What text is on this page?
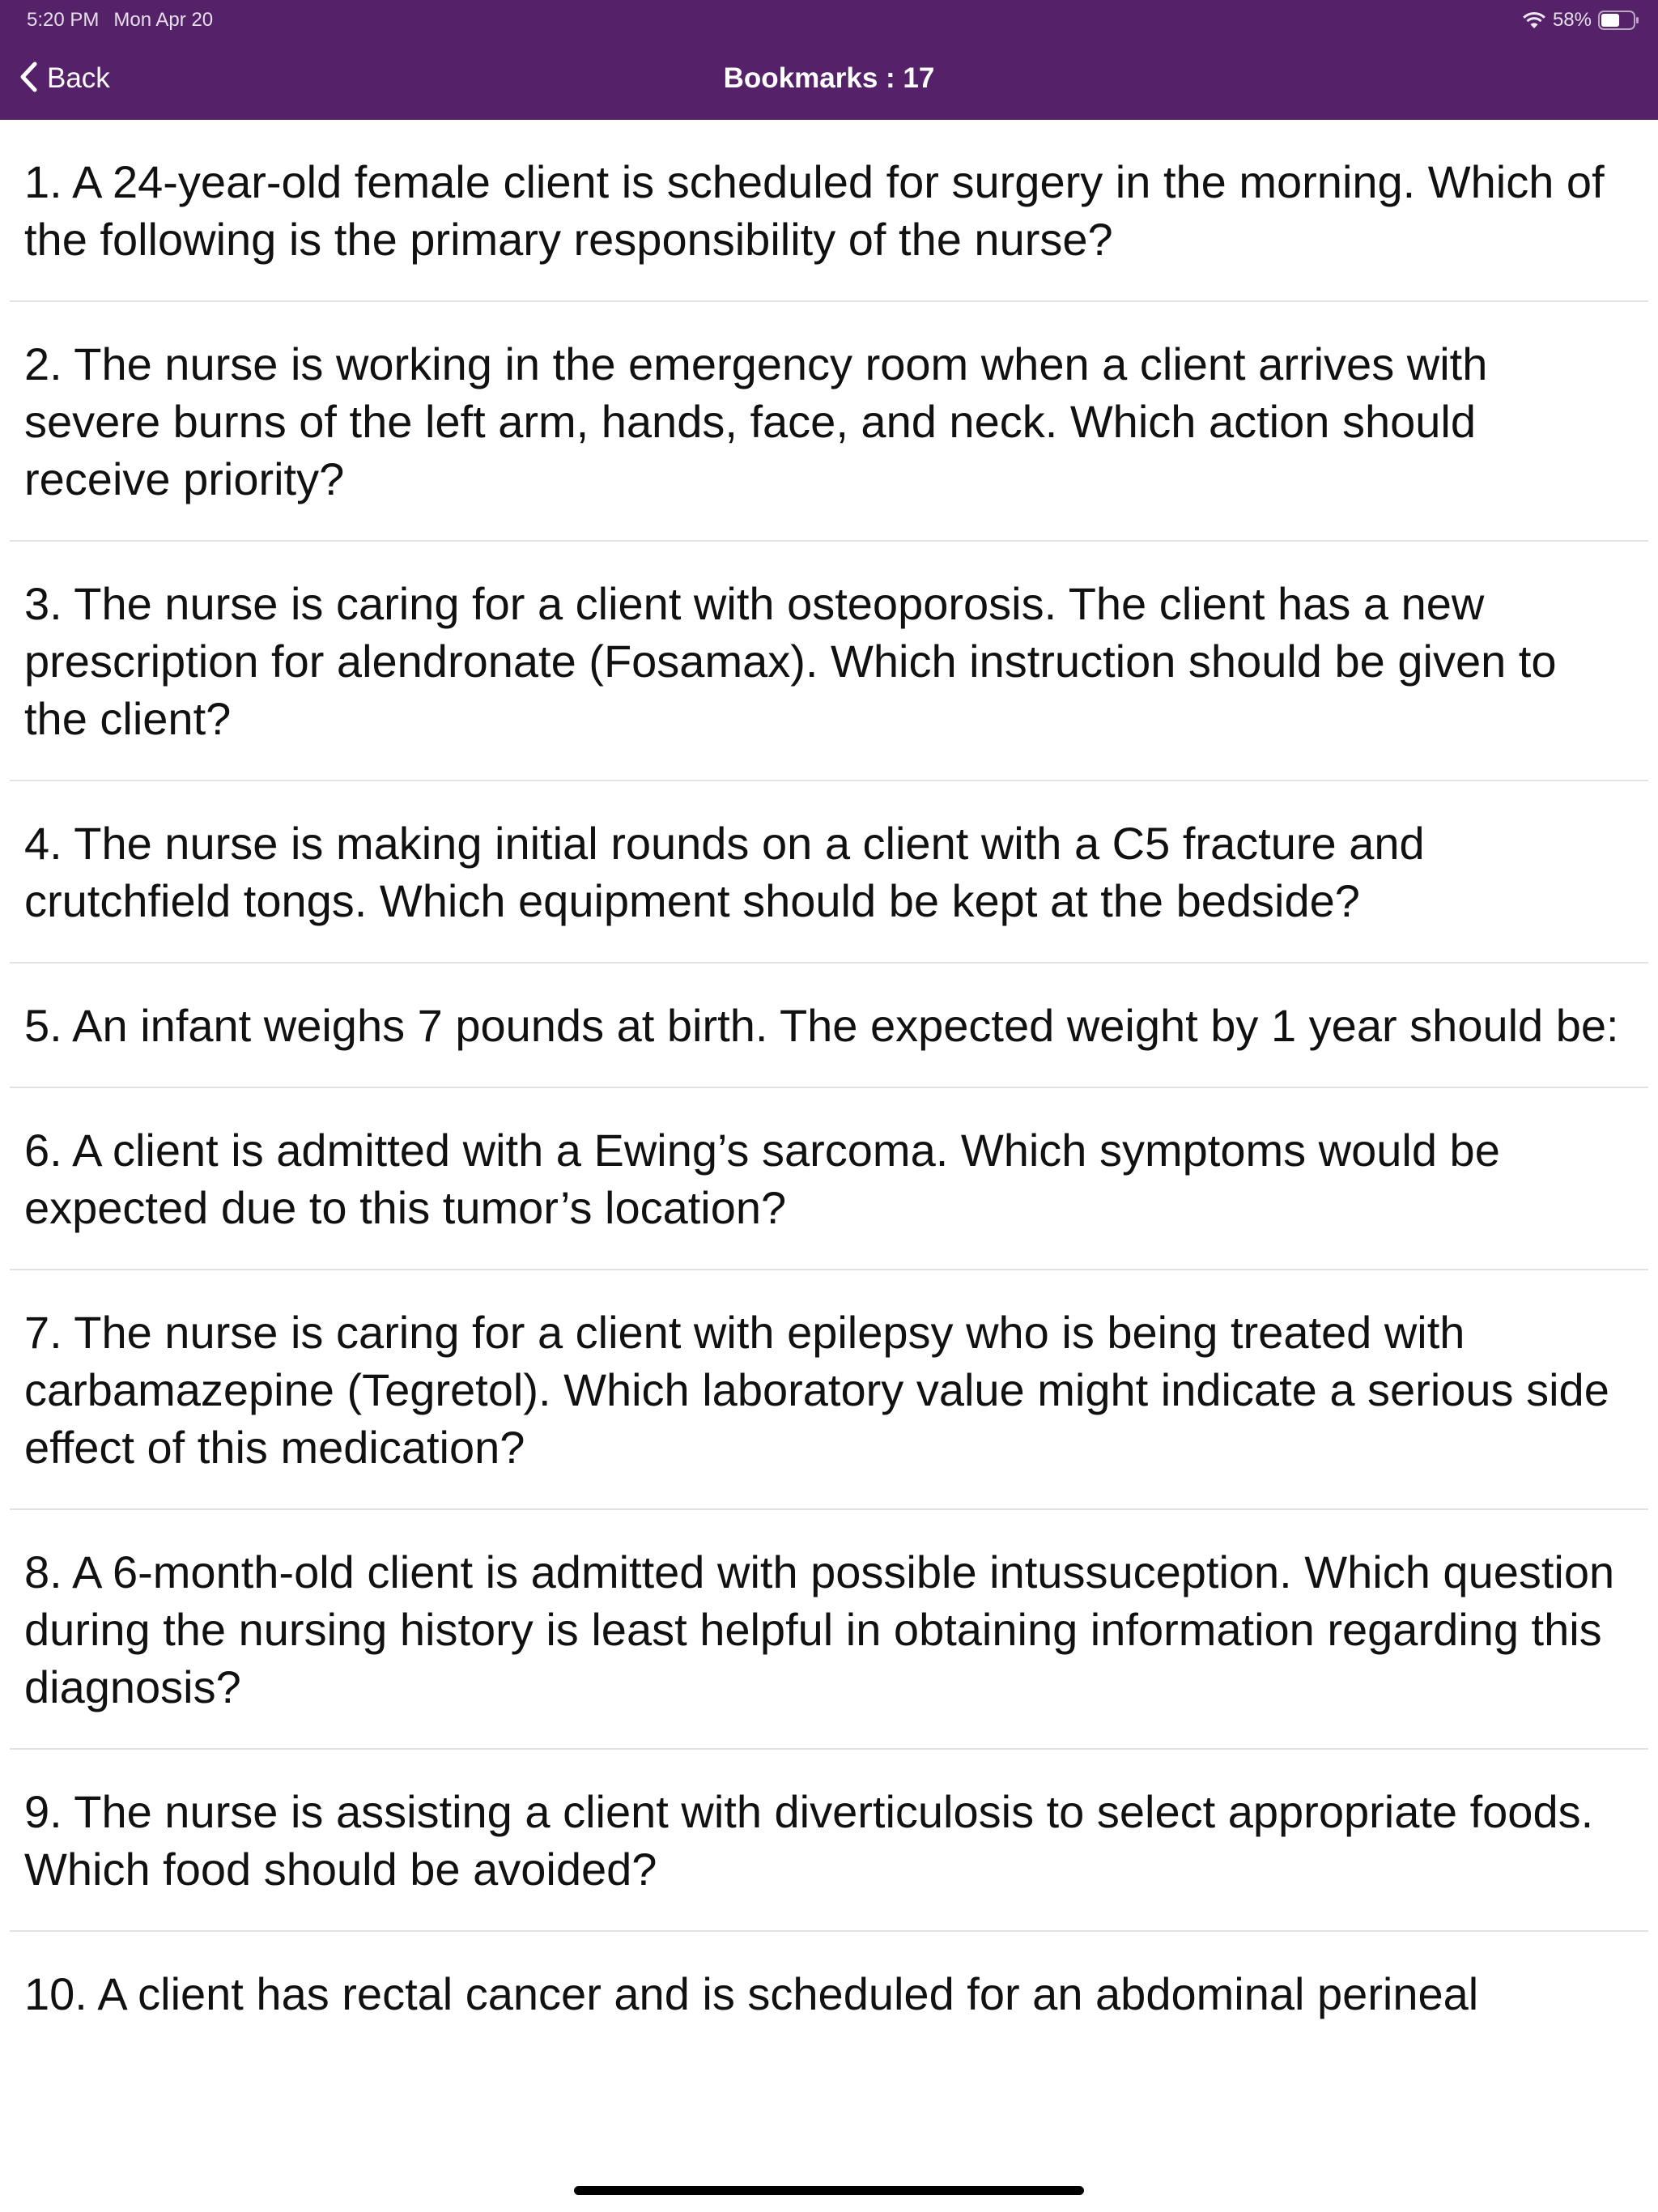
5:20 PM Mon Apr 20	58%
Back	Bookmarks : 17
1. A 24-year-old female client is scheduled for surgery in the morning. Which of the following is the primary responsibility of the nurse?
2. The nurse is working in the emergency room when a client arrives with severe burns of the left arm, hands, face, and neck. Which action should receive priority?
3. The nurse is caring for a client with osteoporosis. The client has a new prescription for alendronate (Fosamax). Which instruction should be given to the client?
4. The nurse is making initial rounds on a client with a C5 fracture and crutchfield tongs. Which equipment should be kept at the bedside?
5. An infant weighs 7 pounds at birth. The expected weight by 1 year should be:
6. A client is admitted with a Ewing’s sarcoma. Which symptoms would be expected due to this tumor’s location?
7. The nurse is caring for a client with epilepsy who is being treated with carbamazepine (Tegretol). Which laboratory value might indicate a serious side effect of this medication?
8. A 6-month-old client is admitted with possible intussuception. Which question during the nursing history is least helpful in obtaining information regarding this diagnosis?
9. The nurse is assisting a client with diverticulosis to select appropriate foods. Which food should be avoided?
10. A client has rectal cancer and is scheduled for an abdominal perineal
